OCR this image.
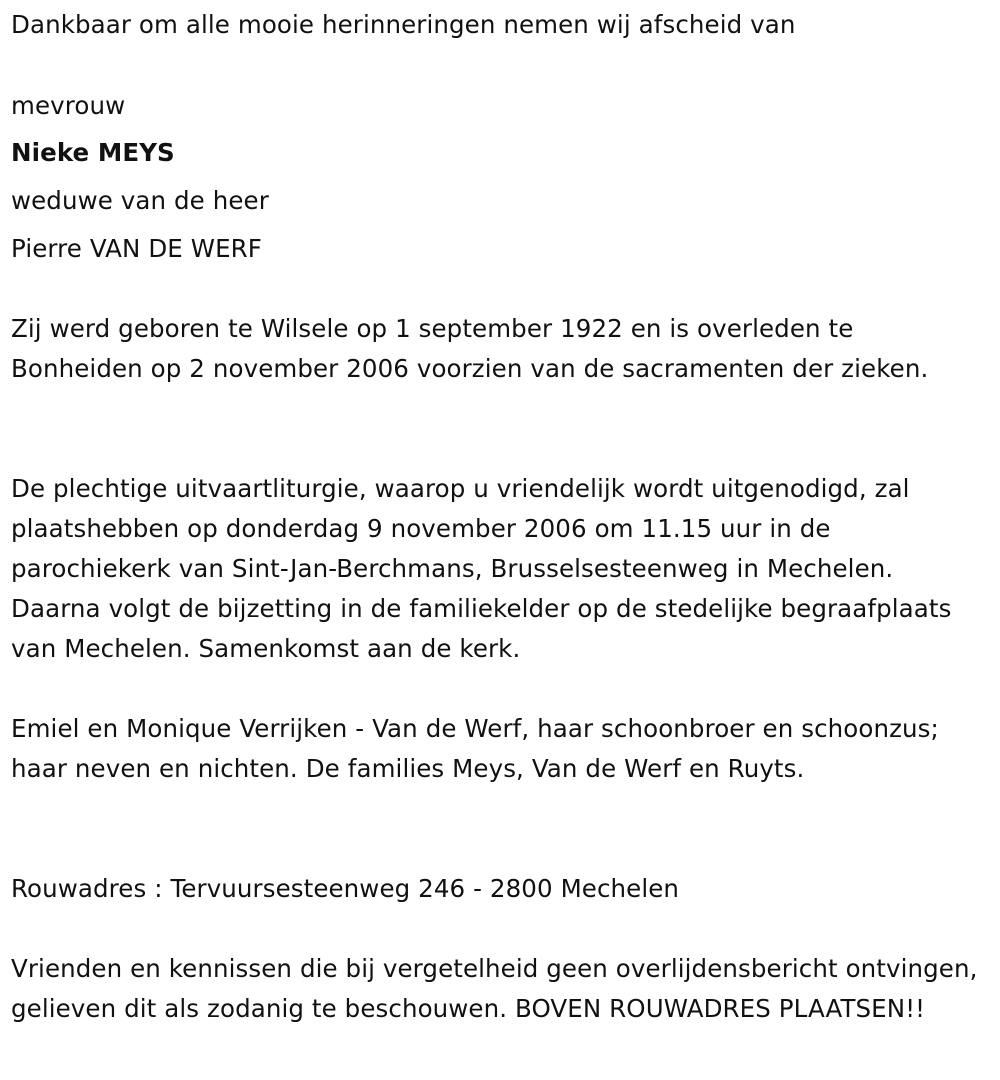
Dankbaar om alle mooie herinneringen nemen wij afscheid van
mevrouw
Nieke MEYS
weduwe van de heer
Pierre VAN DE WERF
Zij werd geboren te Wilsele op 1 september 1922 en is overleden te Bonheiden op 2 november 2006 voorzien van de sacramenten der zieken.
De plechtige uitvaartliturgie, waarop u vriendelijk wordt uitgenodigd, zal plaatshebben op donderdag 9 november 2006 om 11.15 uur in de parochiekerk van Sint-Jan-Berchmans, Brusselsesteenweg in Mechelen. Daarna volgt de bijzetting in de familiekelder op de stedelijke begraafplaats van Mechelen. Samenkomst aan de kerk.
Emiel en Monique Verrijken - Van de Werf, haar schoonbroer en schoonzus; haar neven en nichten. De families Meys, Van de Werf en Ruyts.
Rouwadres : Tervuursesteenweg 246 - 2800 Mechelen
Vrienden en kennissen die bij vergetelheid geen overlijdensbericht ontvingen, gelieven dit als zodanig te beschouwen. BOVEN ROUWADRES PLAATSEN!!
